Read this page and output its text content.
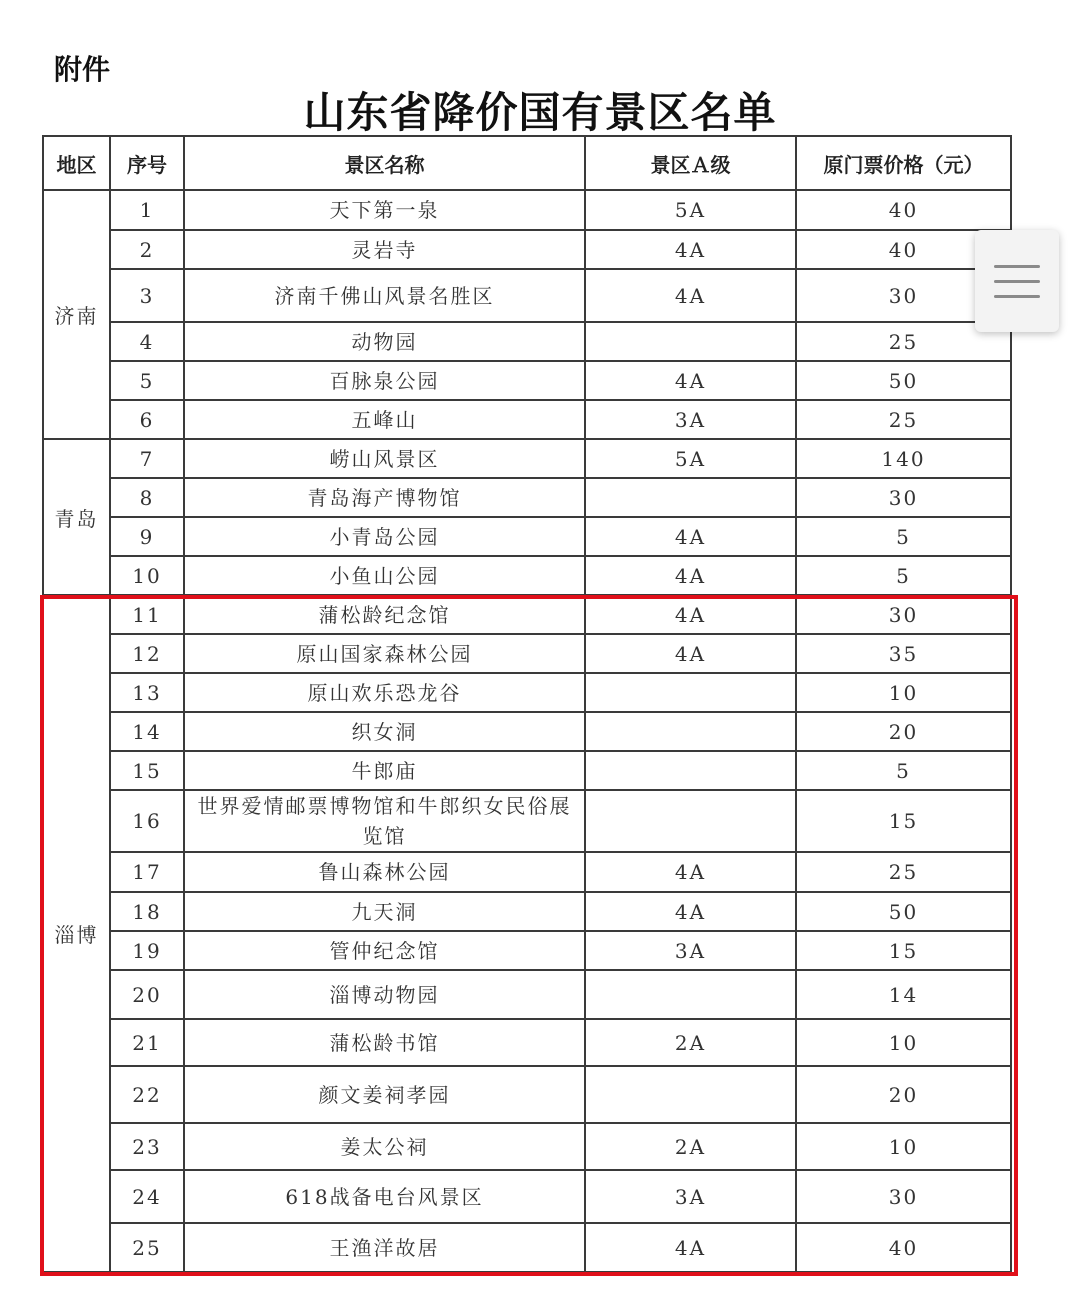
附件
山东省降价国有景区名单
地区	序号	景区名称	景区Ａ级	原门票价格（元）
济南	1	天下第一泉	5A	40
	2	灵岩寺	4A	40
	3	济南千佛山风景名胜区	4A	30
	4	动物园		25
	5	百脉泉公园	4A	50
	6	五峰山	3A	25
青岛	7	崂山风景区	5A	140
	8	青岛海产博物馆		30
	9	小青岛公园	4A	5
	10	小鱼山公园	4A	5
淄博	11	蒲松龄纪念馆	4A	30
	12	原山国家森林公园	4A	35
	13	原山欢乐恐龙谷		10
	14	织女洞		20
	15	牛郎庙		5
	16	世界爱情邮票博物馆和牛郎织女民俗展览馆		15
	17	鲁山森林公园	4A	25
	18	九天洞	4A	50
	19	管仲纪念馆	3A	15
	20	淄博动物园		14
	21	蒲松龄书馆	2A	10
	22	颜文姜祠孝园		20
	23	姜太公祠	2A	10
	24	618战备电台风景区	3A	30
	25	王渔洋故居	4A	40
